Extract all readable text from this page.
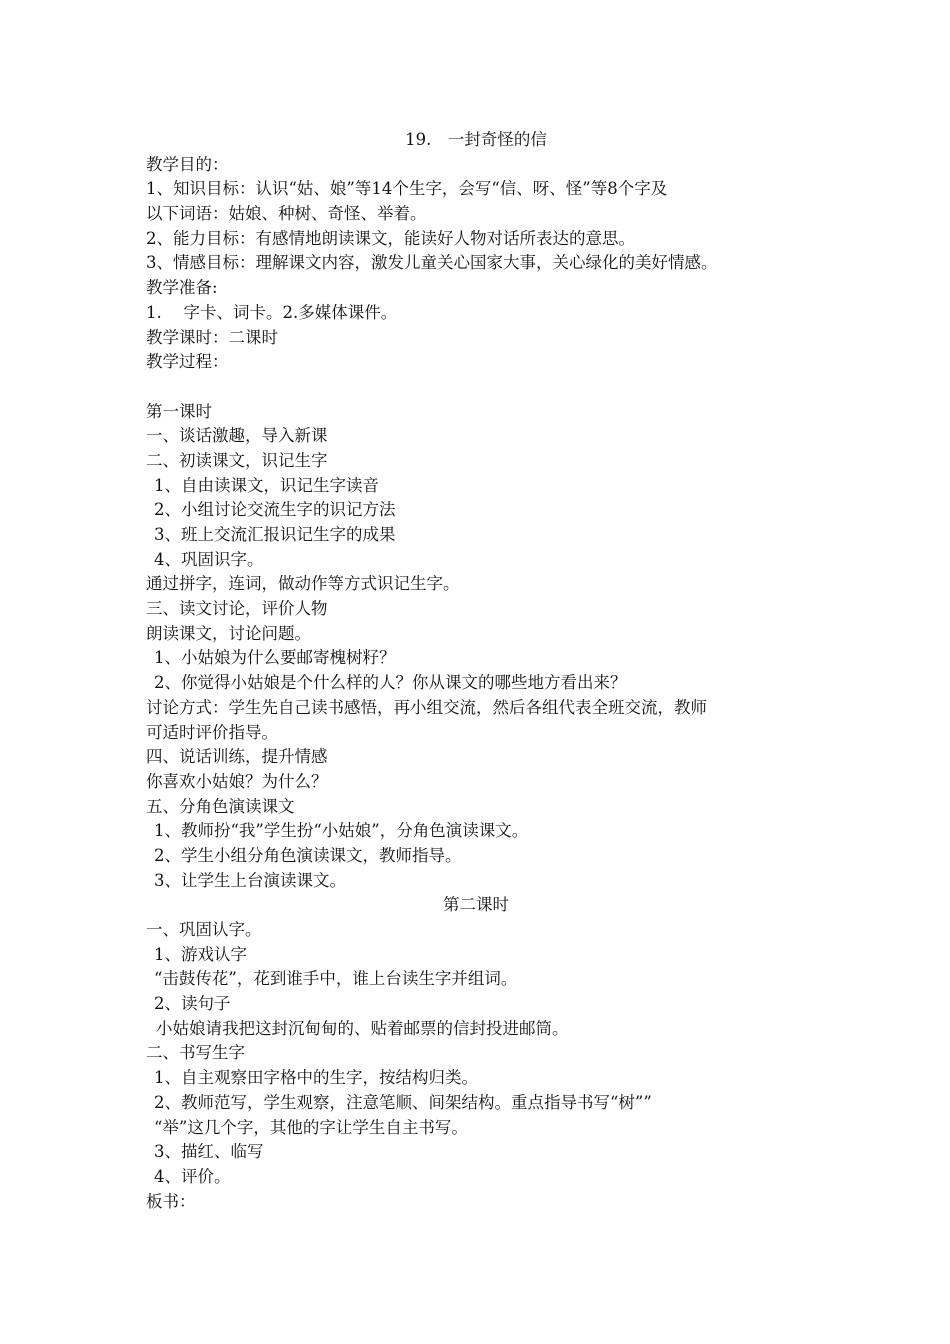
19.　一封奇怪的信
教学目的：
1、知识目标：认识“姑、娘”等14个生字，会写“信、呀、怪”等8个字及
以下词语：姑娘、种树、奇怪、举着。
2、能力目标：有感情地朗读课文，能读好人物对话所表达的意思。
3、情感目标：理解课文内容，激发儿童关心国家大事，关心绿化的美好情感。
教学准备:
1.　 字卡、词卡。2.多媒体课件。
教学课时：二课时
教学过程：
第一课时
一、谈话激趣，导入新课
二、初读课文，识记生字
1、自由读课文，识记生字读音
2、小组讨论交流生字的识记方法
3、班上交流汇报识记生字的成果
4、巩固识字。
通过拼字，连词，做动作等方式识记生字。
三、读文讨论，评价人物
朗读课文，讨论问题。
1、小姑娘为什么要邮寄槐树籽？
2、你觉得小姑娘是个什么样的人？你从课文的哪些地方看出来？
讨论方式：学生先自己读书感悟，再小组交流，然后各组代表全班交流，教师
可适时评价指导。
四、说话训练，提升情感
你喜欢小姑娘？为什么？
五、分角色演读课文
1、教师扮“我”学生扮“小姑娘”，分角色演读课文。
2、学生小组分角色演读课文，教师指导。
3、让学生上台演读课文。
第二课时
一、巩固认字。
1、游戏认字
“击鼓传花”，花到谁手中，谁上台读生字并组词。
2、读句子
小姑娘请我把这封沉甸甸的、贴着邮票的信封投进邮筒。
二、书写生字
1、自主观察田字格中的生字，按结构归类。
2、教师范写，学生观察，注意笔顺、间架结构。重点指导书写“树””
“举”这几个字，其他的字让学生自主书写。
3、描红、临写
4、评价。
板书：
